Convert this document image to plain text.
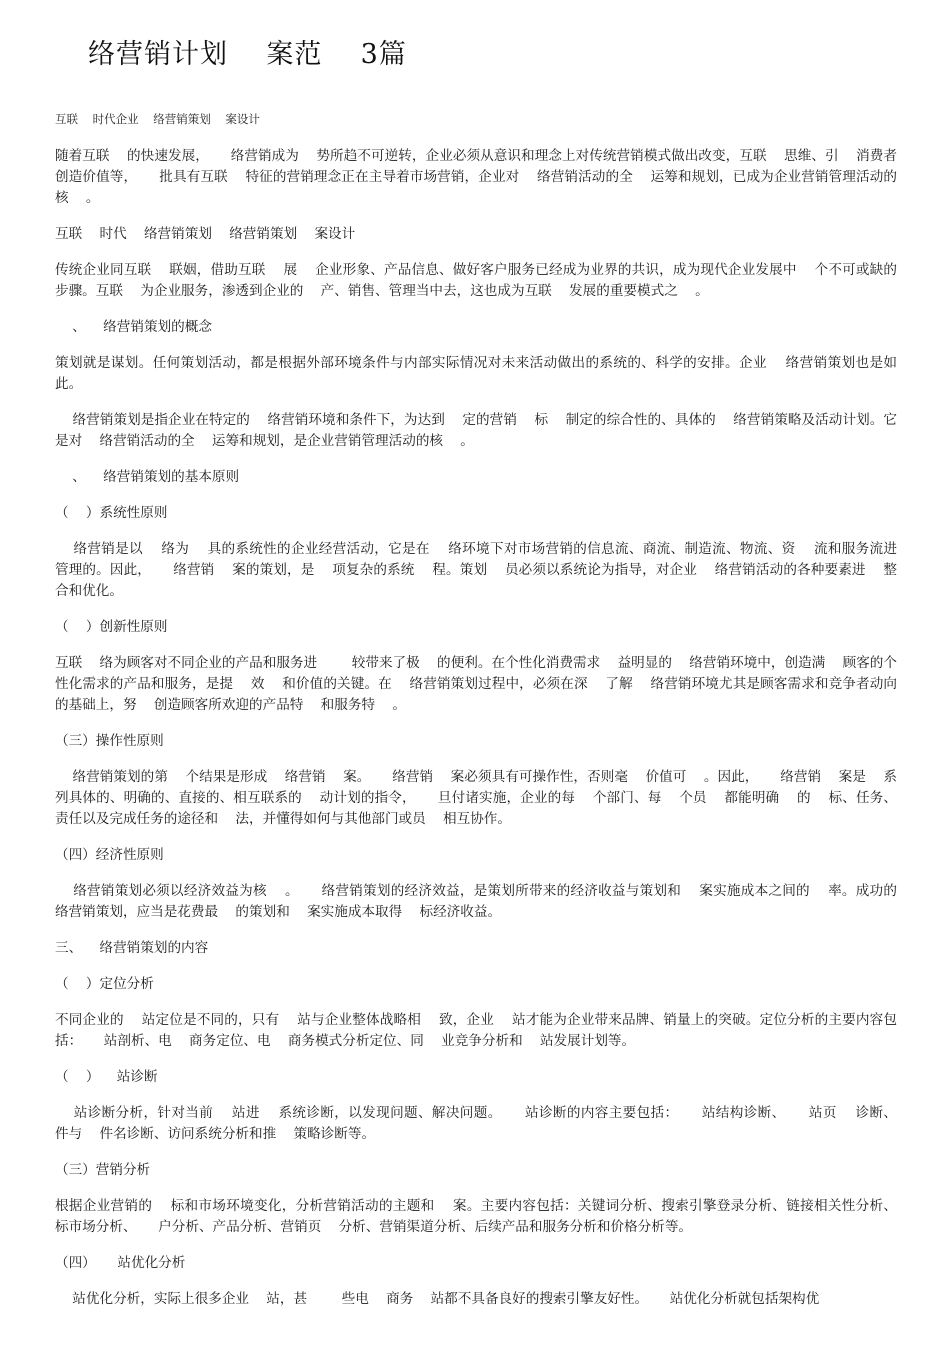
络营销计划    案范    3篇
互联    时代企业    络营销策划    案设计

随着互联    的快速发展，     络营销成为    势所趋不可逆转，企业必须从意识和理念上对传统营销模式做出改变，互联    思维、引    消费者创造价值等，     批具有互联    特征的营销理念正在主导着市场营销，企业对    络营销活动的全    运筹和规划，已成为企业营销管理活动的核    。

互联    时代    络营销策划    络营销策划    案设计

传统企业同互联    联姻，借助互联    展    企业形象、产品信息、做好客户服务已经成为业界的共识，成为现代企业发展中    个不可或缺的步骤。互联    为企业服务，渗透到企业的    产、销售、管理当中去，这也成为互联    发展的重要模式之    。

、    络营销策划的概念

策划就是谋划。任何策划活动，都是根据外部环境条件与内部实际情况对未来活动做出的系统的、科学的安排。企业    络营销策划也是如此。

络营销策划是指企业在特定的    络营销环境和条件下，为达到    定的营销    标    制定的综合性的、具体的    络营销策略及活动计划。它是对    络营销活动的全    运筹和规划，是企业营销管理活动的核    。

、    络营销策划的基本原则

（    ）系统性原则

络营销是以    络为    具的系统性的企业经营活动，它是在    络环境下对市场营销的信息流、商流、制造流、物流、资    流和服务流进    管理的。因此，     络营销    案的策划，是    项复杂的系统    程。策划    员必须以系统论为指导，对企业    络营销活动的各种要素进    整合和优化。

（    ）创新性原则

互联    络为顾客对不同企业的产品和服务进        较带来了极    的便利。在个性化消费需求    益明显的    络营销环境中，创造满    顾客的个性化需求的产品和服务，是提    效    和价值的关键。在    络营销策划过程中，必须在深    了解    络营销环境尤其是顾客需求和竞争者动向的基础上，努    创造顾客所欢迎的产品特    和服务特    。

（三）操作性原则

络营销策划的第    个结果是形成    络营销    案。     络营销    案必须具有可操作性，否则毫    价值可    。因此，     络营销    案是    系列具体的、明确的、直接的、相互联系的    动计划的指令，     旦付诸实施，企业的每    个部门、每    个员    都能明确    的    标、任务、责任以及完成任务的途径和    法，并懂得如何与其他部门或员    相互协作。

（四）经济性原则

络营销策划必须以经济效益为核    。     络营销策划的经济效益，是策划所带来的经济收益与策划和    案实施成本之间的    率。成功的    络营销策划，应当是花费最    的策划和    案实施成本取得    标经济收益。

三、    络营销策划的内容

（    ）定位分析

不同企业的    站定位是不同的，只有    站与企业整体战略相    致，企业    站才能为企业带来品牌、销量上的突破。定位分析的主要内容包括：     站剖析、电    商务定位、电    商务模式分析定位、同    业竞争分析和    站发展计划等。

（    ）    站诊断

站诊断分析，针对当前    站进    系统诊断，以发现问题、解决问题。     站诊断的内容主要包括：     站结构诊断、     站页    诊断、    件与    件名诊断、访问系统分析和推    策略诊断等。

（三）营销分析

根据企业营销的    标和市场环境变化，分析营销活动的主题和    案。主要内容包括：关键词分析、搜索引擎登录分析、链接相关性分析、     标市场分析、     户分析、产品分析、营销页    分析、营销渠道分析、后续产品和服务分析和价格分析等。

（四）     站优化分析

站优化分析，实际上很多企业    站，甚        些电    商务    站都不具备良好的搜索引擎友好性。     站优化分析就包括架构优
